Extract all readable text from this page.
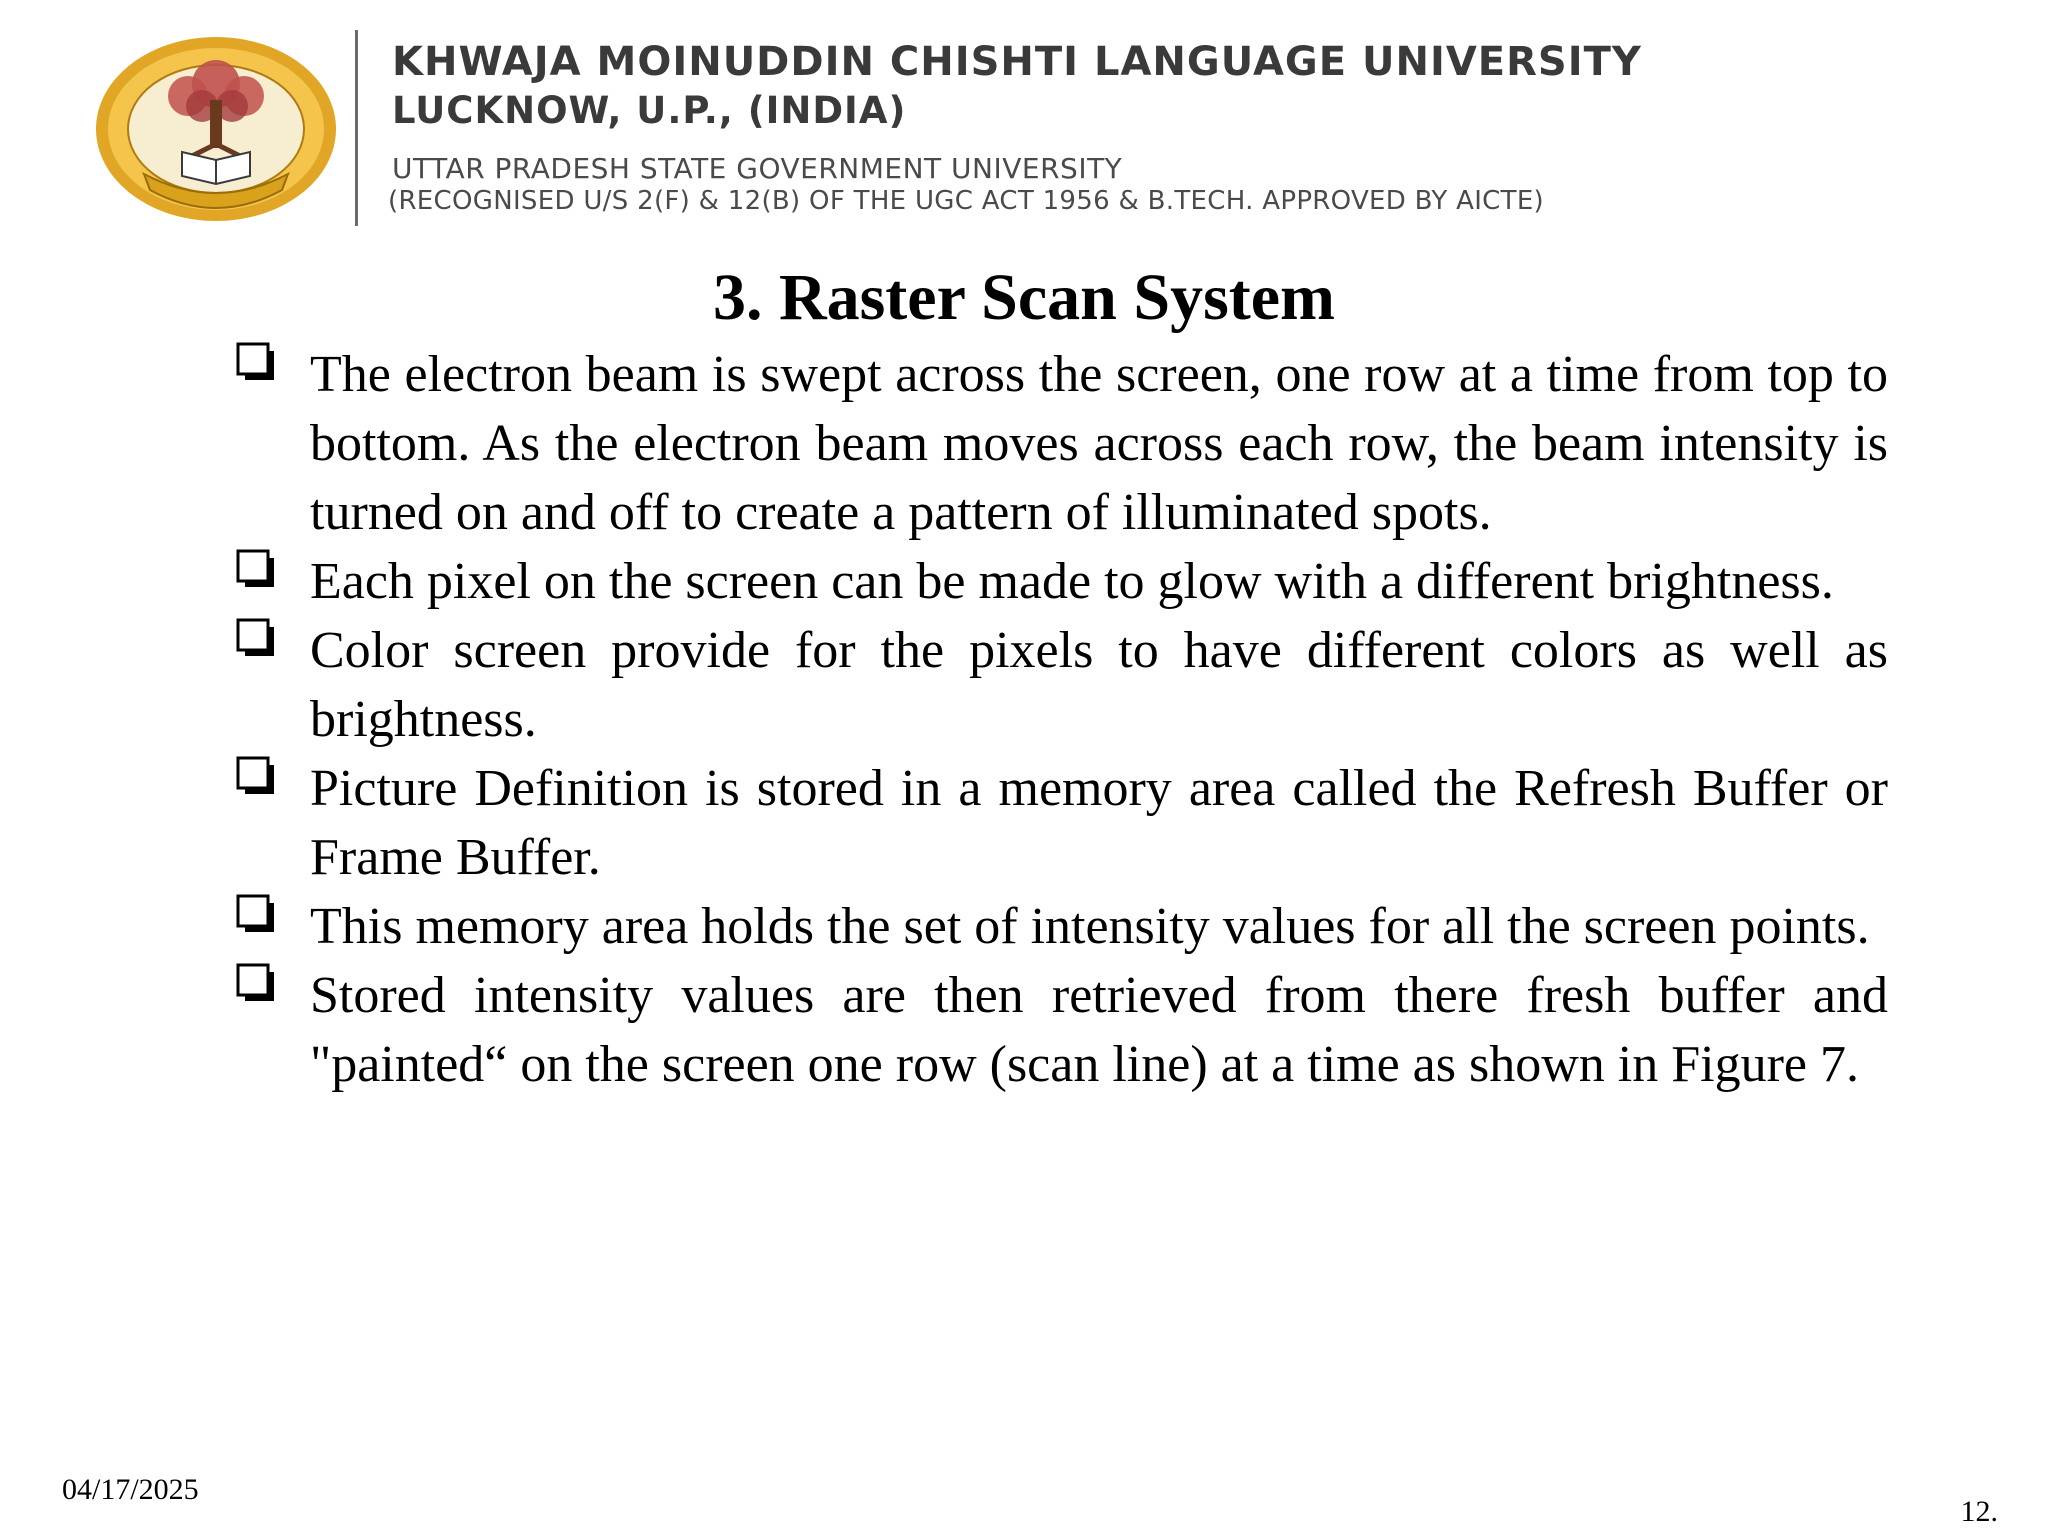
KHWAJA MOINUDDIN CHISHTI LANGUAGE UNIVERSITY
LUCKNOW, U.P., (INDIA)
UTTAR PRADESH STATE GOVERNMENT UNIVERSITY
(RECOGNISED U/S 2(F) & 12(B) OF THE UGC ACT 1956 & B.TECH. APPROVED BY AICTE)
3. Raster Scan System
The electron beam is swept across the screen, one row at a time from top to bottom. As the electron beam moves across each row, the beam intensity is turned on and off to create a pattern of illuminated spots.
Each pixel on the screen can be made to glow with a different brightness.
Color screen provide for the pixels to have different colors as well as brightness.
Picture Definition is stored in a memory area called the Refresh Buffer or Frame Buffer.
This memory area holds the set of intensity values for all the screen points.
Stored intensity values are then retrieved from there fresh buffer and "painted“ on the screen one row (scan line) at a time as shown in Figure 7.
04/17/2025
12.
